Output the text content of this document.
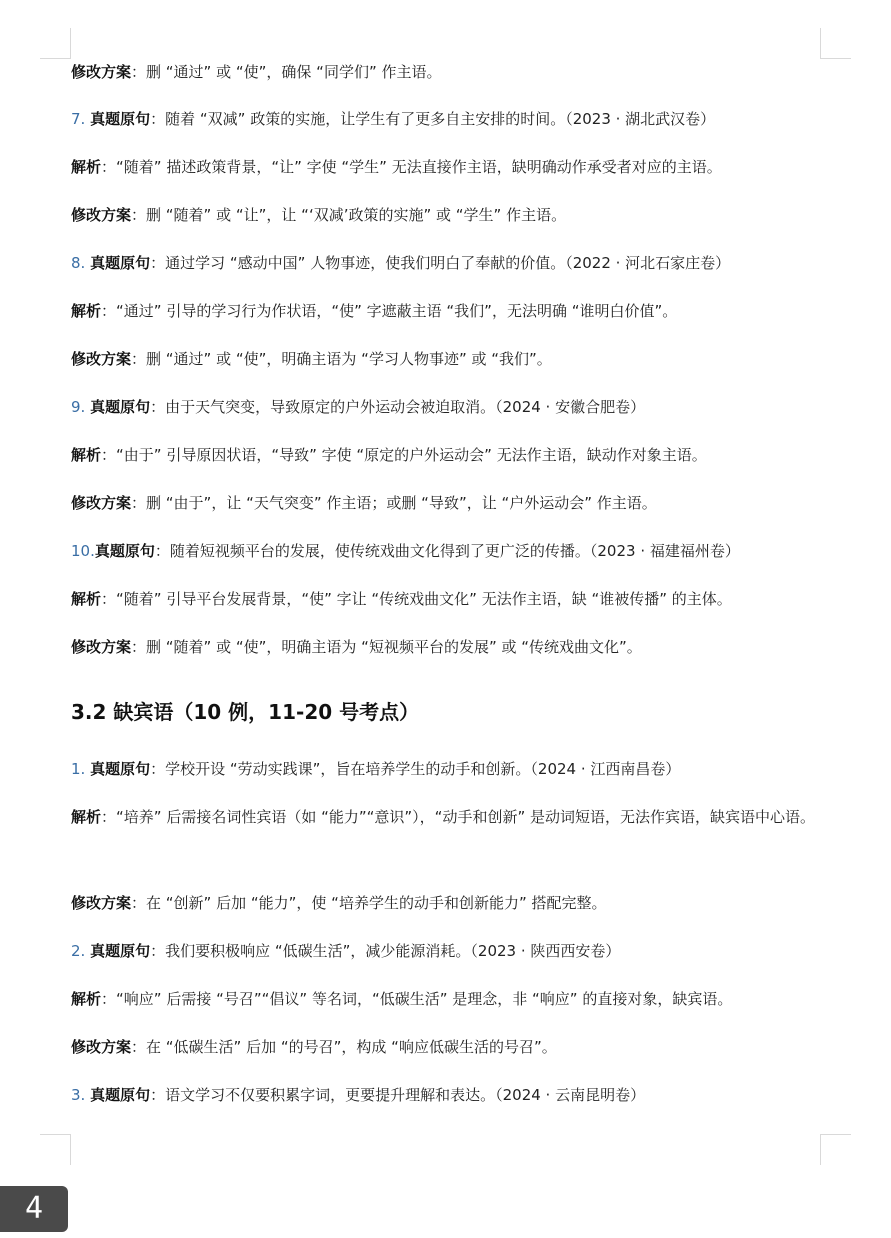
修改方案：删 “通过” 或 “使”，确保 “同学们” 作主语。
7. 真题原句：随着 “双减” 政策的实施，让学生有了更多自主安排的时间。（2023 · 湖北武汉卷）
解析：“随着” 描述政策背景，“让” 字使 “学生” 无法直接作主语，缺明确动作承受者对应的主语。
修改方案：删 “随着” 或 “让”，让 “‘双减’政策的实施” 或 “学生” 作主语。
8. 真题原句：通过学习 “感动中国” 人物事迹，使我们明白了奉献的价值。（2022 · 河北石家庄卷）
解析：“通过” 引导的学习行为作状语，“使” 字遮蔽主语 “我们”，无法明确 “谁明白价值”。
修改方案：删 “通过” 或 “使”，明确主语为 “学习人物事迹” 或 “我们”。
9. 真题原句：由于天气突变，导致原定的户外运动会被迫取消。（2024 · 安徽合肥卷）
解析：“由于” 引导原因状语，“导致” 字使 “原定的户外运动会” 无法作主语，缺动作对象主语。
修改方案：删 “由于”，让 “天气突变” 作主语；或删 “导致”，让 “户外运动会” 作主语。
10.真题原句：随着短视频平台的发展，使传统戏曲文化得到了更广泛的传播。（2023 · 福建福州卷）
解析：“随着” 引导平台发展背景，“使” 字让 “传统戏曲文化” 无法作主语，缺 “谁被传播” 的主体。
修改方案：删 “随着” 或 “使”，明确主语为 “短视频平台的发展” 或 “传统戏曲文化”。
3.2 缺宾语（10 例，11-20 号考点）
1. 真题原句：学校开设 “劳动实践课”，旨在培养学生的动手和创新。（2024 · 江西南昌卷）
解析：“培养” 后需接名词性宾语（如 “能力”“意识”），“动手和创新” 是动词短语，无法作宾语，缺宾语中心语。
修改方案：在 “创新” 后加 “能力”，使 “培养学生的动手和创新能力” 搭配完整。
2. 真题原句：我们要积极响应 “低碳生活”，减少能源消耗。（2023 · 陕西西安卷）
解析：“响应” 后需接 “号召”“倡议” 等名词，“低碳生活” 是理念，非 “响应” 的直接对象，缺宾语。
修改方案：在 “低碳生活” 后加 “的号召”，构成 “响应低碳生活的号召”。
3. 真题原句：语文学习不仅要积累字词，更要提升理解和表达。（2024 · 云南昆明卷）
4
